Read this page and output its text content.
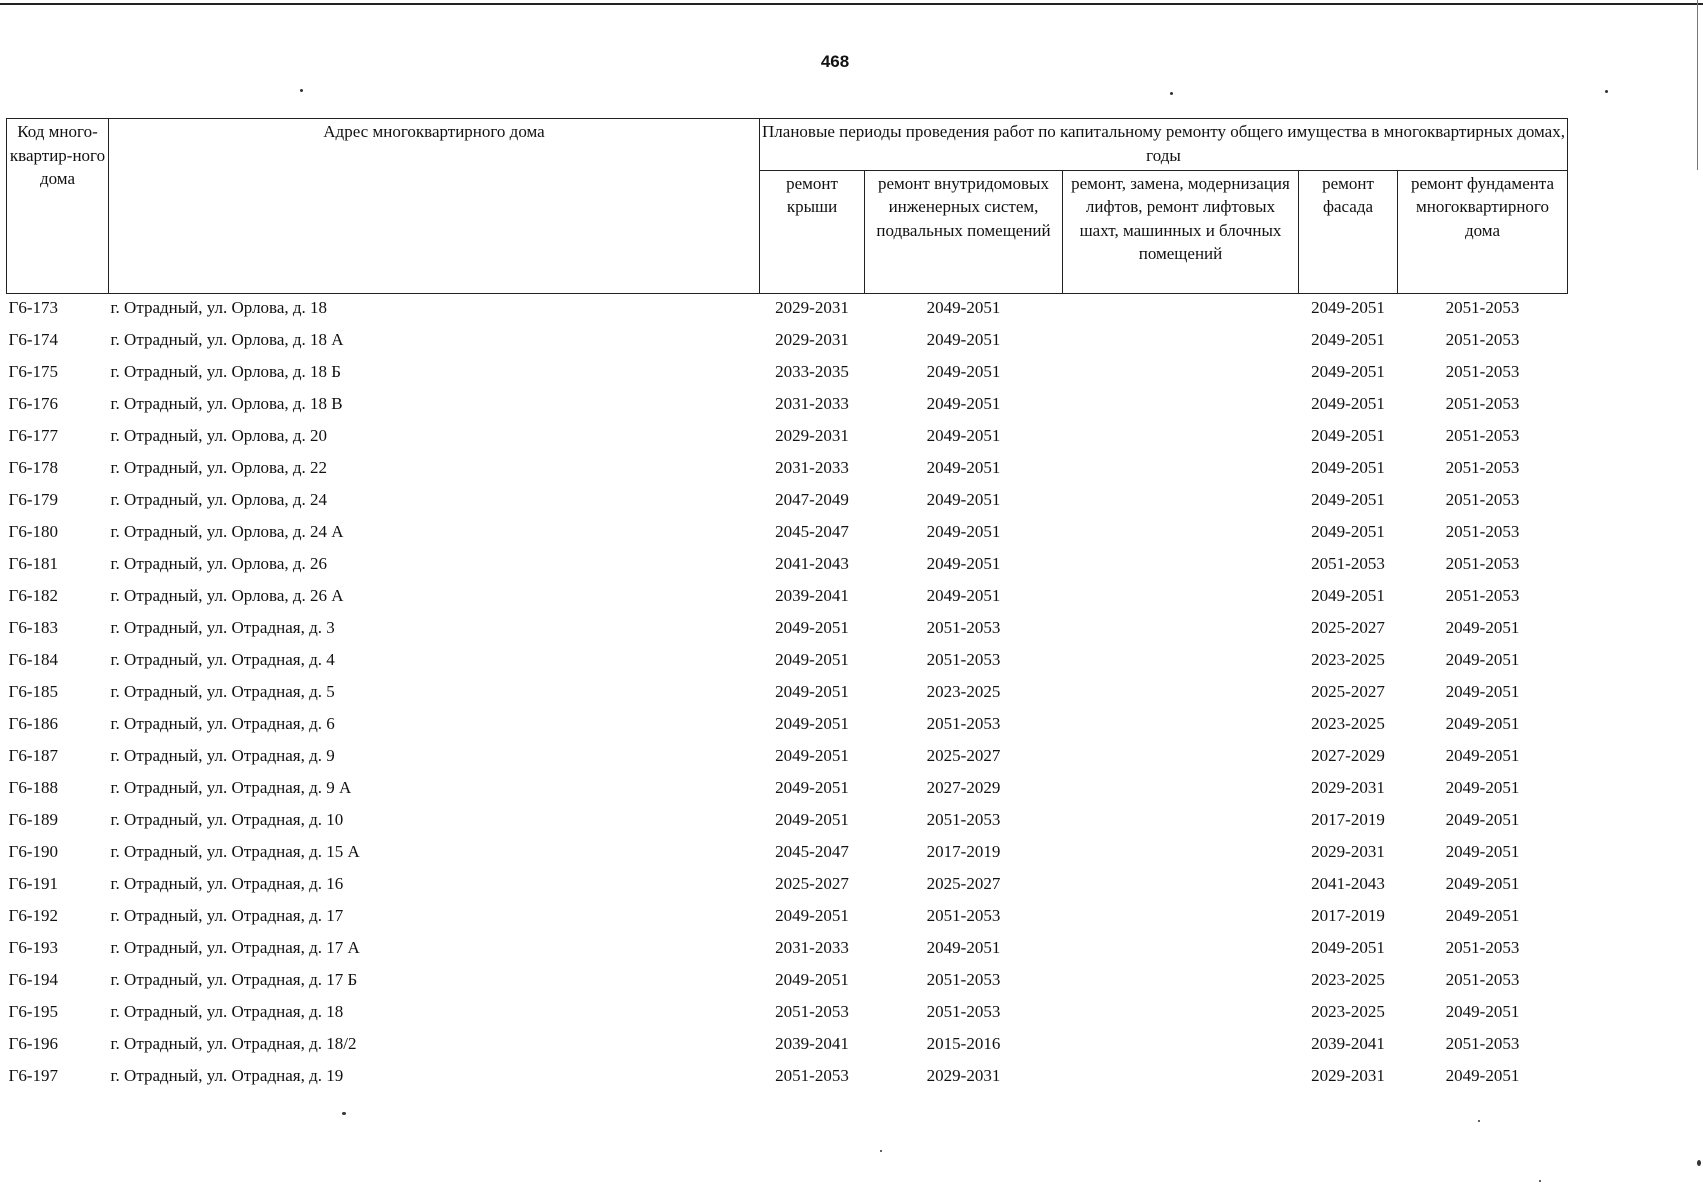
468
Код много-квартир-ного дома	Адрес многоквартирного дома	Плановые периоды проведения работ по капитальному ремонту общего имущества в многоквартирных домах, годы				
		ремонт крыши	ремонт внутридомовых инженерных систем, подвальных помещений	ремонт, замена, модернизация лифтов, ремонт лифтовых шахт, машинных и блочных помещений	ремонт фасада	ремонт фундамента многоквартирного дома
Г6-173	г. Отрадный, ул. Орлова, д. 18	2029-2031	2049-2051		2049-2051	2051-2053
Г6-174	г. Отрадный, ул. Орлова, д. 18 А	2029-2031	2049-2051		2049-2051	2051-2053
Г6-175	г. Отрадный, ул. Орлова, д. 18 Б	2033-2035	2049-2051		2049-2051	2051-2053
Г6-176	г. Отрадный, ул. Орлова, д. 18 В	2031-2033	2049-2051		2049-2051	2051-2053
Г6-177	г. Отрадный, ул. Орлова, д. 20	2029-2031	2049-2051		2049-2051	2051-2053
Г6-178	г. Отрадный, ул. Орлова, д. 22	2031-2033	2049-2051		2049-2051	2051-2053
Г6-179	г. Отрадный, ул. Орлова, д. 24	2047-2049	2049-2051		2049-2051	2051-2053
Г6-180	г. Отрадный, ул. Орлова, д. 24 А	2045-2047	2049-2051		2049-2051	2051-2053
Г6-181	г. Отрадный, ул. Орлова, д. 26	2041-2043	2049-2051		2051-2053	2051-2053
Г6-182	г. Отрадный, ул. Орлова, д. 26 А	2039-2041	2049-2051		2049-2051	2051-2053
Г6-183	г. Отрадный, ул. Отрадная, д. 3	2049-2051	2051-2053		2025-2027	2049-2051
Г6-184	г. Отрадный, ул. Отрадная, д. 4	2049-2051	2051-2053		2023-2025	2049-2051
Г6-185	г. Отрадный, ул. Отрадная, д. 5	2049-2051	2023-2025		2025-2027	2049-2051
Г6-186	г. Отрадный, ул. Отрадная, д. 6	2049-2051	2051-2053		2023-2025	2049-2051
Г6-187	г. Отрадный, ул. Отрадная, д. 9	2049-2051	2025-2027		2027-2029	2049-2051
Г6-188	г. Отрадный, ул. Отрадная, д. 9 А	2049-2051	2027-2029		2029-2031	2049-2051
Г6-189	г. Отрадный, ул. Отрадная, д. 10	2049-2051	2051-2053		2017-2019	2049-2051
Г6-190	г. Отрадный, ул. Отрадная, д. 15 А	2045-2047	2017-2019		2029-2031	2049-2051
Г6-191	г. Отрадный, ул. Отрадная, д. 16	2025-2027	2025-2027		2041-2043	2049-2051
Г6-192	г. Отрадный, ул. Отрадная, д. 17	2049-2051	2051-2053		2017-2019	2049-2051
Г6-193	г. Отрадный, ул. Отрадная, д. 17 А	2031-2033	2049-2051		2049-2051	2051-2053
Г6-194	г. Отрадный, ул. Отрадная, д. 17 Б	2049-2051	2051-2053		2023-2025	2051-2053
Г6-195	г. Отрадный, ул. Отрадная, д. 18	2051-2053	2051-2053		2023-2025	2049-2051
Г6-196	г. Отрадный, ул. Отрадная, д. 18/2	2039-2041	2015-2016		2039-2041	2051-2053
Г6-197	г. Отрадный, ул. Отрадная, д. 19	2051-2053	2029-2031		2029-2031	2049-2051
